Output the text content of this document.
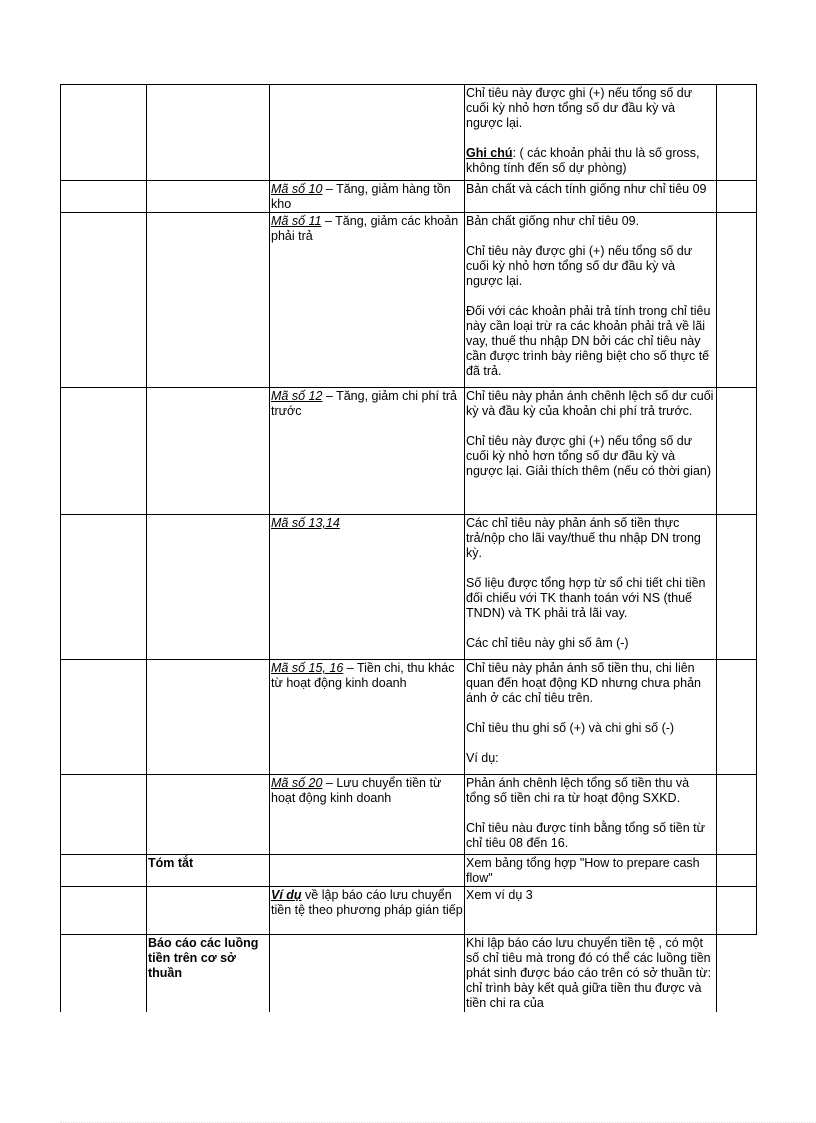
			Chỉ tiêu này được ghi (+) nếu tổng số dư cuối kỳ nhỏ hơn tổng số dư đầu kỳ và ngược lại.

Ghi chú: ( các khoản phải thu là số gross, không tính đến số dự phòng)	

		Mã số 10 – Tăng, giảm hàng tồn kho	Bản chất và cách tính giống như chỉ tiêu 09	

		Mã số 11 – Tăng, giảm các khoản phải trả	Bản chất giống như chỉ tiêu 09.

Chỉ tiêu này được ghi (+) nếu tổng số dư cuối kỳ nhỏ hơn tổng số dư đầu kỳ và ngược lại.

Đối với các khoản phải trả tính trong chỉ tiêu này cần loại trừ ra các khoản phải trả về lãi vay, thuế thu nhập DN bởi các chỉ tiêu này cần được trình bày riêng biệt cho số thực tế đã trả.	

		Mã số 12 – Tăng, giảm chi phí trả trước	Chỉ tiêu này phản ánh chênh lệch số dư cuối kỳ và đầu kỳ của khoản chi phí trả trước.

Chỉ tiêu này được ghi (+) nếu tổng số dư cuối kỳ nhỏ hơn tổng số dư đầu kỳ và ngược lại. Giải thích thêm (nếu có thời gian)	

		Mã số 13,14	Các chỉ tiêu này phản ánh số tiền thực trả/nộp cho lãi vay/thuế thu nhập DN trong kỳ.

Số liệu được tổng hợp từ sổ chi tiết chi tiền đối chiếu với TK thanh toán với NS (thuế TNDN) và TK phải trả lãi vay.

Các chỉ tiêu này ghi số âm (-)	

		Mã số 15, 16 – Tiền chi, thu khác từ hoạt động kinh doanh	Chỉ tiêu này phản ánh số tiền thu, chi liên quan đến hoạt động KD nhưng chưa phản ánh ở các chỉ tiêu trên.

Chỉ tiêu thu ghi số (+) và chi ghi số (-)

Ví dụ:	

		Mã số 20 – Lưu chuyển tiền từ hoạt động kinh doanh	Phản ánh chênh lệch tổng số tiền thu và tổng số tiền chi ra từ hoạt động SXKD.

Chỉ tiêu nàu được tính bằng tổng số tiền từ chỉ tiêu 08 đến 16.	

	Tóm tắt		Xem bảng tổng hợp "How to prepare cash flow"	

		Ví dụ về lập báo cáo lưu chuyển tiền tệ theo phương pháp gián tiếp	Xem ví dụ 3	

	Báo cáo các luồng tiền trên cơ sở thuần		Khi lập báo cáo lưu chuyển tiền tệ , có một số chỉ tiêu mà trong đó có thể các luồng tiền phát sinh được báo cáo trên có sở thuần từ: chỉ trình bày kết quả giữa tiền thu được và tiền chi ra của	
